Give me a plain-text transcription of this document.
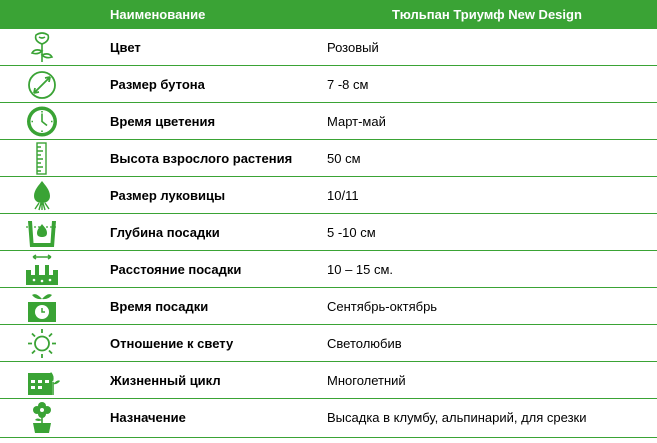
Наименование	Тюльпан Триумф New Design
Цвет	Розовый
Размер бутона	7 -8 см
Время цветения	Март-май
Высота взрослого растения	50 см
Размер луковицы	10/11
Глубина посадки	5 -10 см
Расстояние посадки	10 – 15 см.
Время посадки	Сентябрь-октябрь
Отношение к свету	Светолюбив
Жизненный цикл	Многолетний
Назначение	Высадка в клумбу, альпинарий, для срезки
